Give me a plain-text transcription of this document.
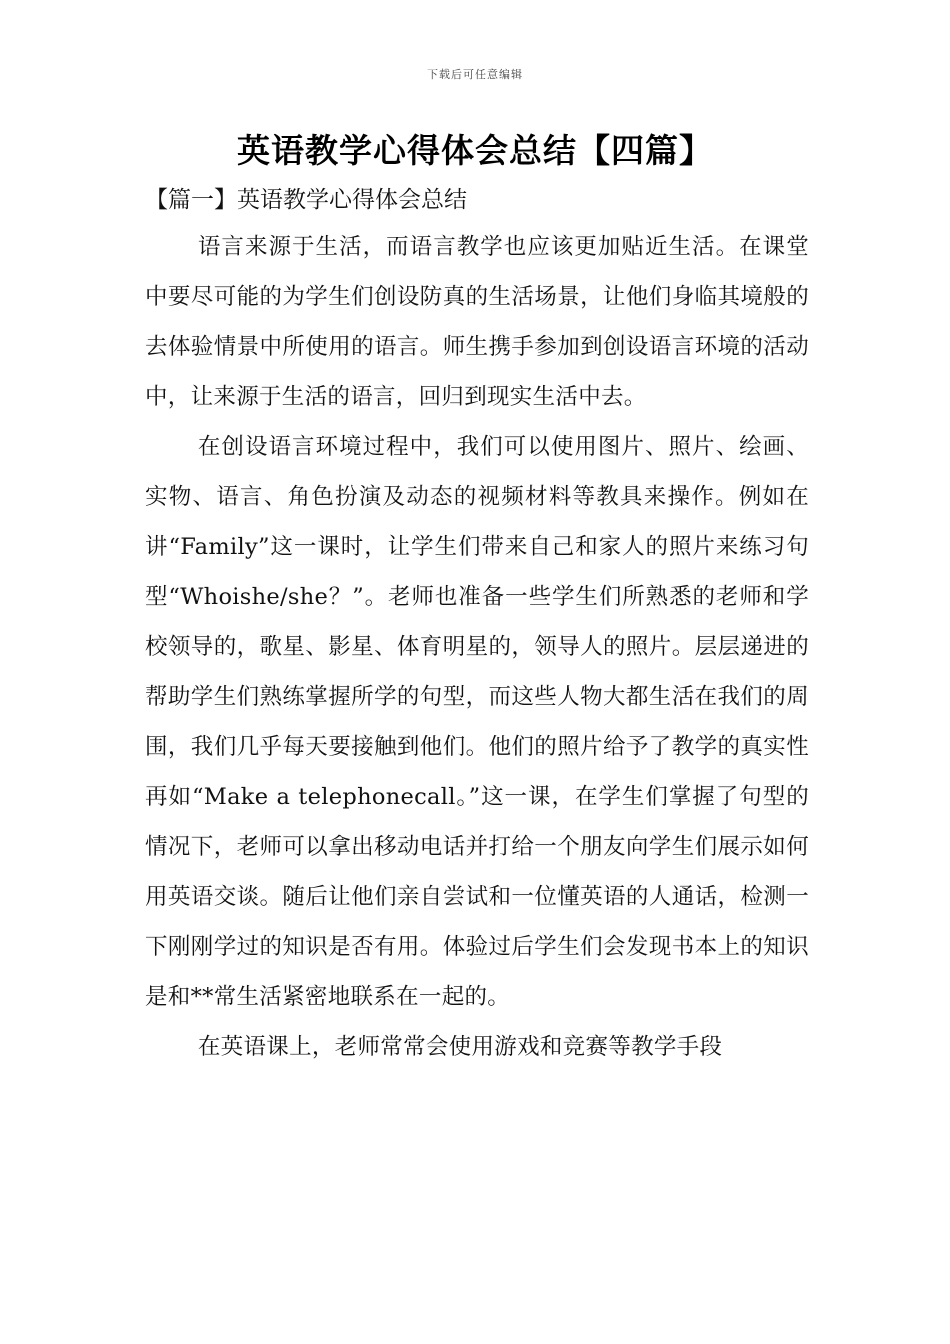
下载后可任意编辑
英语教学心得体会总结【四篇】
【篇一】英语教学心得体会总结

语言来源于生活，而语言教学也应该更加贴近生活。在课堂中要尽可能的为学生们创设防真的生活场景，让他们身临其境般的去体验情景中所使用的语言。师生携手参加到创设语言环境的活动中，让来源于生活的语言，回归到现实生活中去。

在创设语言环境过程中，我们可以使用图片、照片、绘画、实物、语言、角色扮演及动态的视频材料等教具来操作。例如在讲“Family”这一课时，让学生们带来自己和家人的照片来练习句型“Whoishe/she？”。老师也准备一些学生们所熟悉的老师和学校领导的，歌星、影星、体育明星的，领导人的照片。层层递进的帮助学生们熟练掌握所学的句型，而这些人物大都生活在我们的周围，我们几乎每天要接触到他们。他们的照片给予了教学的真实性再如“Make a telephonecall。”这一课，在学生们掌握了句型的情况下，老师可以拿出移动电话并打给一个朋友向学生们展示如何用英语交谈。随后让他们亲自尝试和一位懂英语的人通话，检测一下刚刚学过的知识是否有用。体验过后学生们会发现书本上的知识是和**常生活紧密地联系在一起的。

在英语课上，老师常常会使用游戏和竞赛等教学手段
